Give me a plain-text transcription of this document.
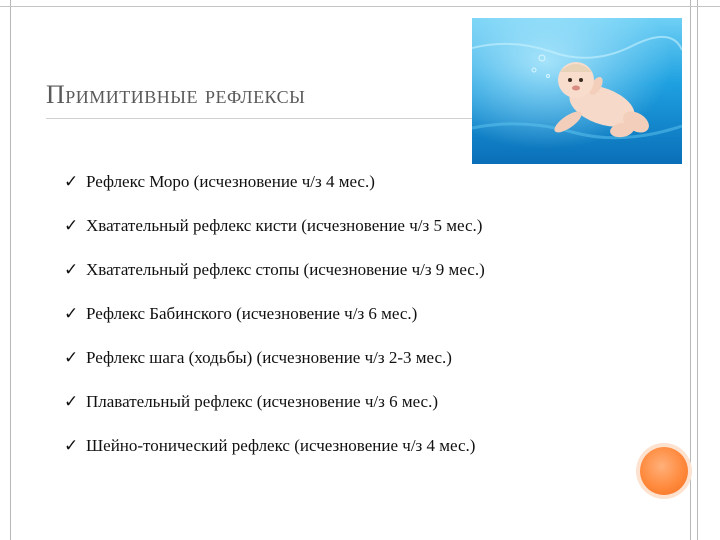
Примитивные рефлексы
✓ Рефлекс Моро (исчезновение ч/з 4 мес.)
✓ Хватательный рефлекс кисти (исчезновение ч/з 5 мес.)
✓ Хватательный рефлекс стопы (исчезновение ч/з 9 мес.)
✓ Рефлекс Бабинского (исчезновение ч/з 6 мес.)
✓ Рефлекс шага (ходьбы) (исчезновение ч/з 2-3 мес.)
✓ Плавательный рефлекс (исчезновение ч/з 6 мес.)
✓ Шейно-тонический рефлекс (исчезновение ч/з 4 мес.)
